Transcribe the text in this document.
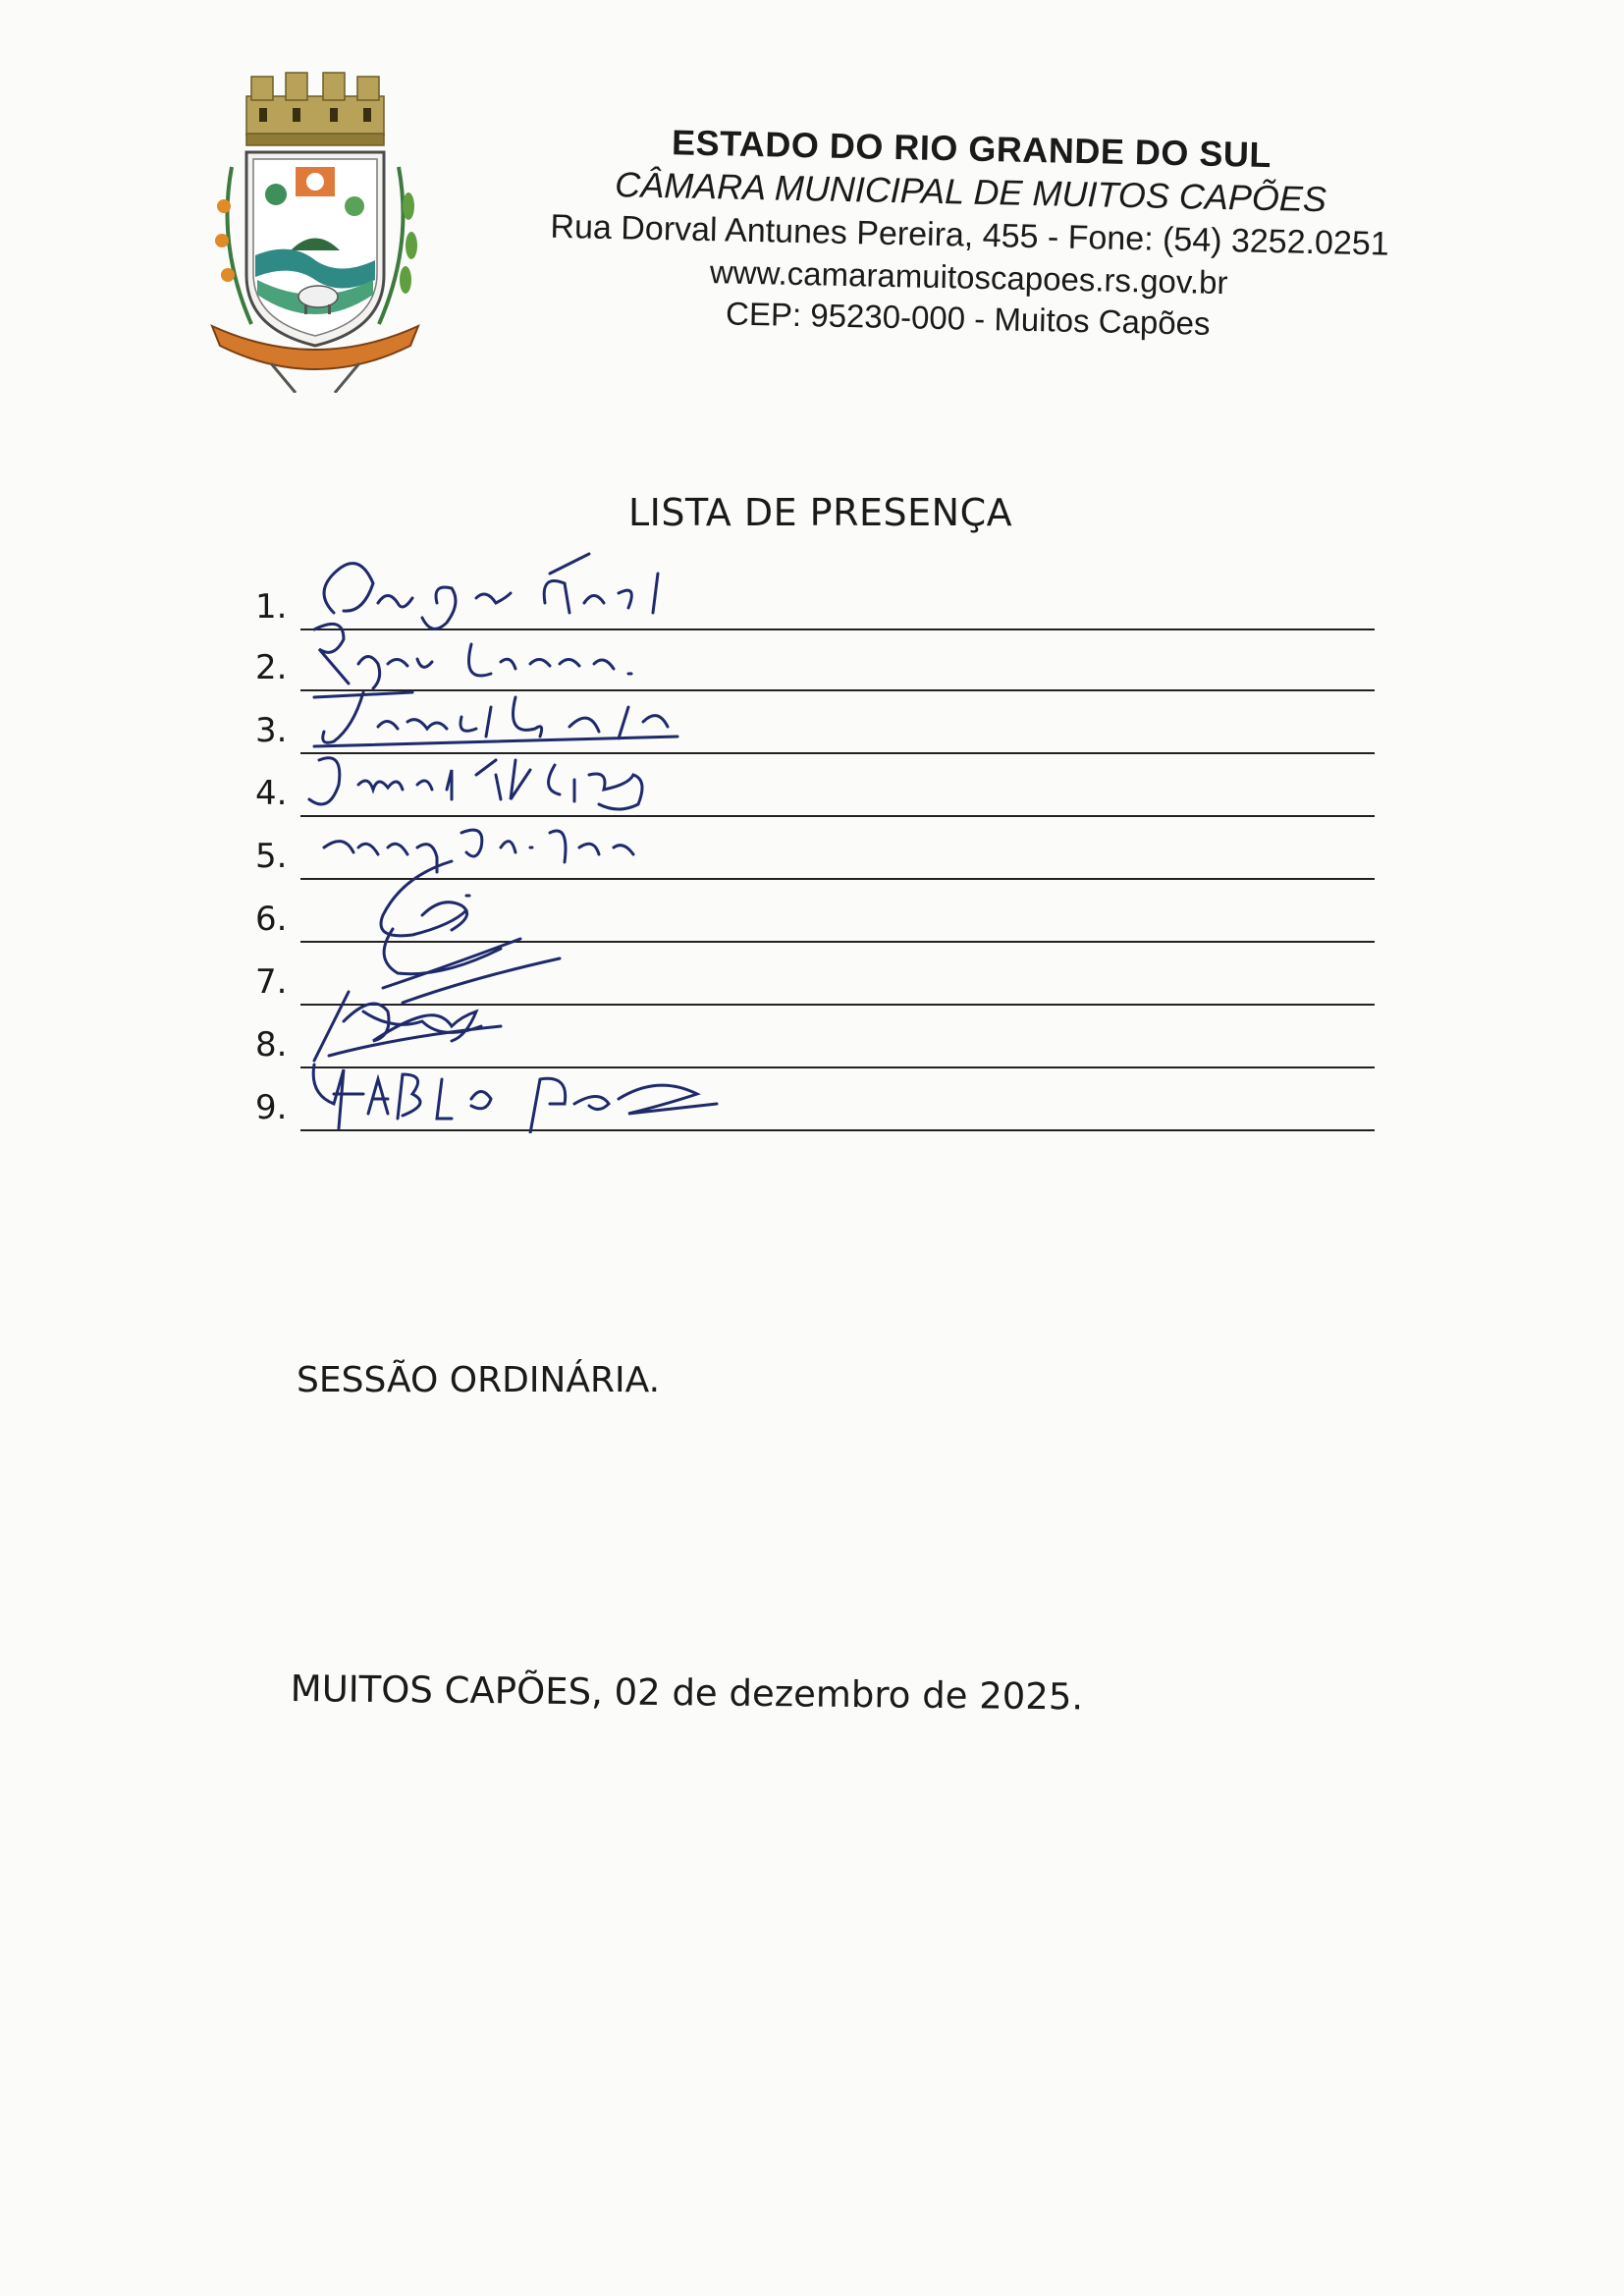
ESTADO DO RIO GRANDE DO SUL

CÂMARA MUNICIPAL DE MUITOS CAPÕES

Rua Dorval Antunes Pereira, 455 - Fone: (54) 3252.0251

www.camaramuitoscapoes.rs.gov.br

CEP: 95230-000 - Muitos Capões

LISTA DE PRESENÇA
1.
2.
3.
4.
5.
6.
7.
8.
9.
SESSÃO ORDINÁRIA.
MUITOS CAPÕES, 02 de dezembro de 2025.
